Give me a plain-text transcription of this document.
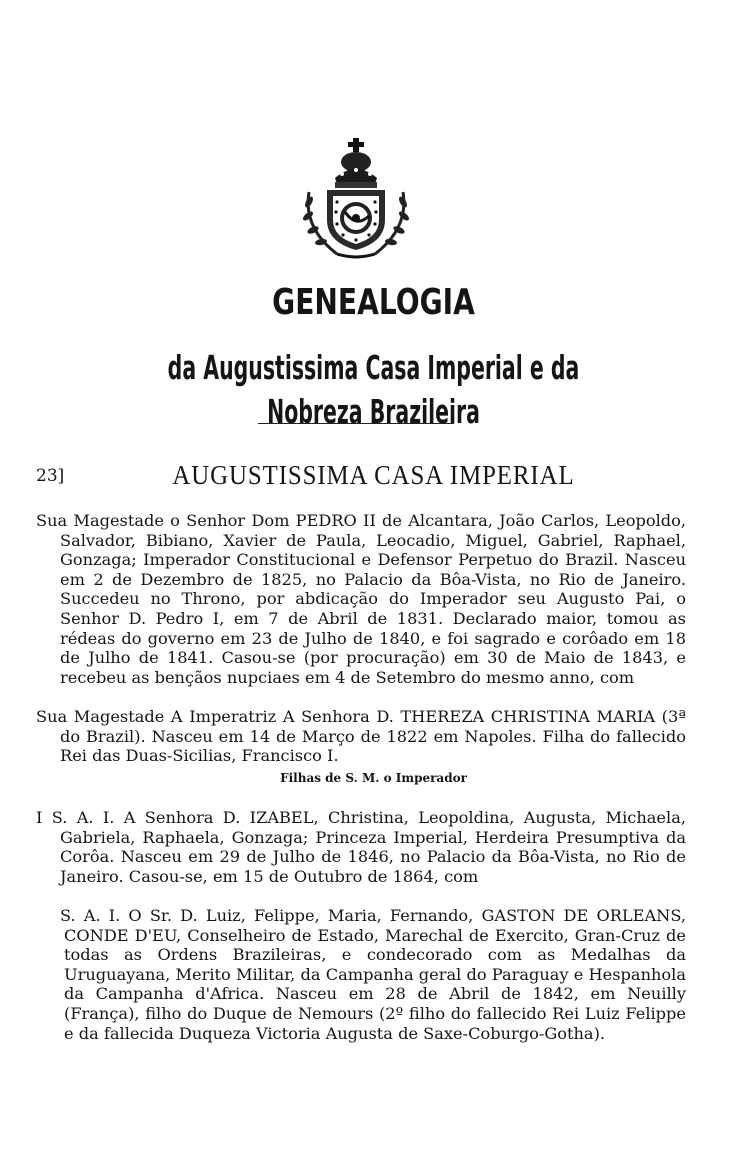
GENEALOGIA
da Augustissima Casa Imperial e da Nobreza Brazileira
23]	AUGUSTISSIMA CASA IMPERIAL
Sua Magestade o Senhor Dom PEDRO II de Alcantara, João Carlos, Leopoldo, Salvador, Bibiano, Xavier de Paula, Leocadio, Miguel, Gabriel, Raphael, Gonzaga; Imperador Constitucional e Defensor Perpetuo do Brazil. Nasceu em 2 de Dezembro de 1825, no Palacio da Bôa-Vista, no Rio de Janeiro. Succedeu no Throno, por abdicação do Imperador seu Augusto Pai, o Senhor D. Pedro I, em 7 de Abril de 1831. Declarado maior, tomou as rédeas do governo em 23 de Julho de 1840, e foi sagrado e corôado em 18 de Julho de 1841. Casou-se (por procuração) em 30 de Maio de 1843, e recebeu as bençãos nupciaes em 4 de Setembro do mesmo anno, com
Sua Magestade A Imperatriz A Senhora D. THEREZA CHRISTINA MARIA (3ª do Brazil). Nasceu em 14 de Março de 1822 em Napoles. Filha do fallecido Rei das Duas-Sicilias, Francisco I.
Filhas de S. M. o Imperador
I S. A. I. A Senhora D. IZABEL, Christina, Leopoldina, Augusta, Michaela, Gabriela, Raphaela, Gonzaga; Princeza Imperial, Herdeira Presumptiva da Corôa. Nasceu em 29 de Julho de 1846, no Palacio da Bôa-Vista, no Rio de Janeiro. Casou-se, em 15 de Outubro de 1864, com
S. A. I. O Sr. D. Luiz, Felippe, Maria, Fernando, GASTON DE ORLEANS, CONDE D'EU, Conselheiro de Estado, Marechal de Exercito, Gran-Cruz de todas as Ordens Brazileiras, e condecorado com as Medalhas da Uruguayana, Merito Militar, da Campanha geral do Paraguay e Hespanhola da Campanha d'Africa. Nasceu em 28 de Abril de 1842, em Neuilly (França), filho do Duque de Nemours (2º filho do fallecido Rei Luiz Felippe e da fallecida Duqueza Victoria Augusta de Saxe-Coburgo-Gotha).
